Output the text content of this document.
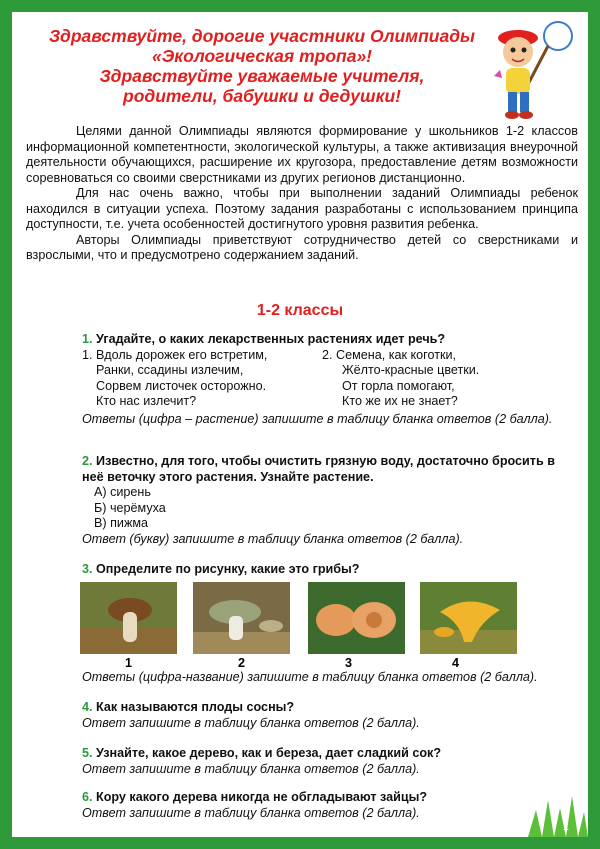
Здравствуйте, дорогие участники Олимпиады
«Экологическая тропа»!
Здравствуйте уважаемые учителя,
родители, бабушки и дедушки!

Целями данной Олимпиады являются формирование у школьников 1-2 классов информационной компетентности, экологической культуры, а также активизация внеурочной деятельности обучающихся, расширение их кругозора, предоставление детям возможности соревноваться со своими сверстниками из других регионов дистанционно.

Для нас очень важно, чтобы при выполнении заданий Олимпиады ребенок находился в ситуации успеха. Поэтому задания разработаны с использованием принципа доступности, т.е. учета особенностей достигнутого уровня развития ребенка.

Авторы Олимпиады приветствуют сотрудничество детей со сверстниками и взрослыми, что и предусмотрено содержанием заданий.

1-2 классы
1. Угадайте, о каких лекарственных растениях идет речь?
1. Вдоль дорожек его встретим,
Ранки, ссадины излечим,
Сорвем листочек осторожно.
Кто нас излечит?
2. Семена, как коготки,
Жёлто-красные цветки.
От горла помогают,
Кто же их не знает?
Ответы (цифра – растение) запишите в таблицу бланка ответов (2 балла).
2. Известно, для того, чтобы очистить грязную воду, достаточно бросить в неё веточку этого растения. Узнайте растение.
А) сирень
Б) черёмуха
В) пижма
Ответ (букву) запишите в таблицу бланка ответов (2 балла).
3. Определите по рисунку, какие это грибы?
1	2	3	4
Ответы (цифра-название) запишите в таблицу бланка ответов (2 балла).
4. Как называются плоды сосны?
Ответ запишите в таблицу бланка ответов (2 балла).
5. Узнайте, какое дерево, как и береза, дает сладкий сок?
Ответ запишите в таблицу бланка ответов (2 балла).
6. Кору какого дерева никогда не обгладывают зайцы?
Ответ запишите в таблицу бланка ответов (2 балла).
1
